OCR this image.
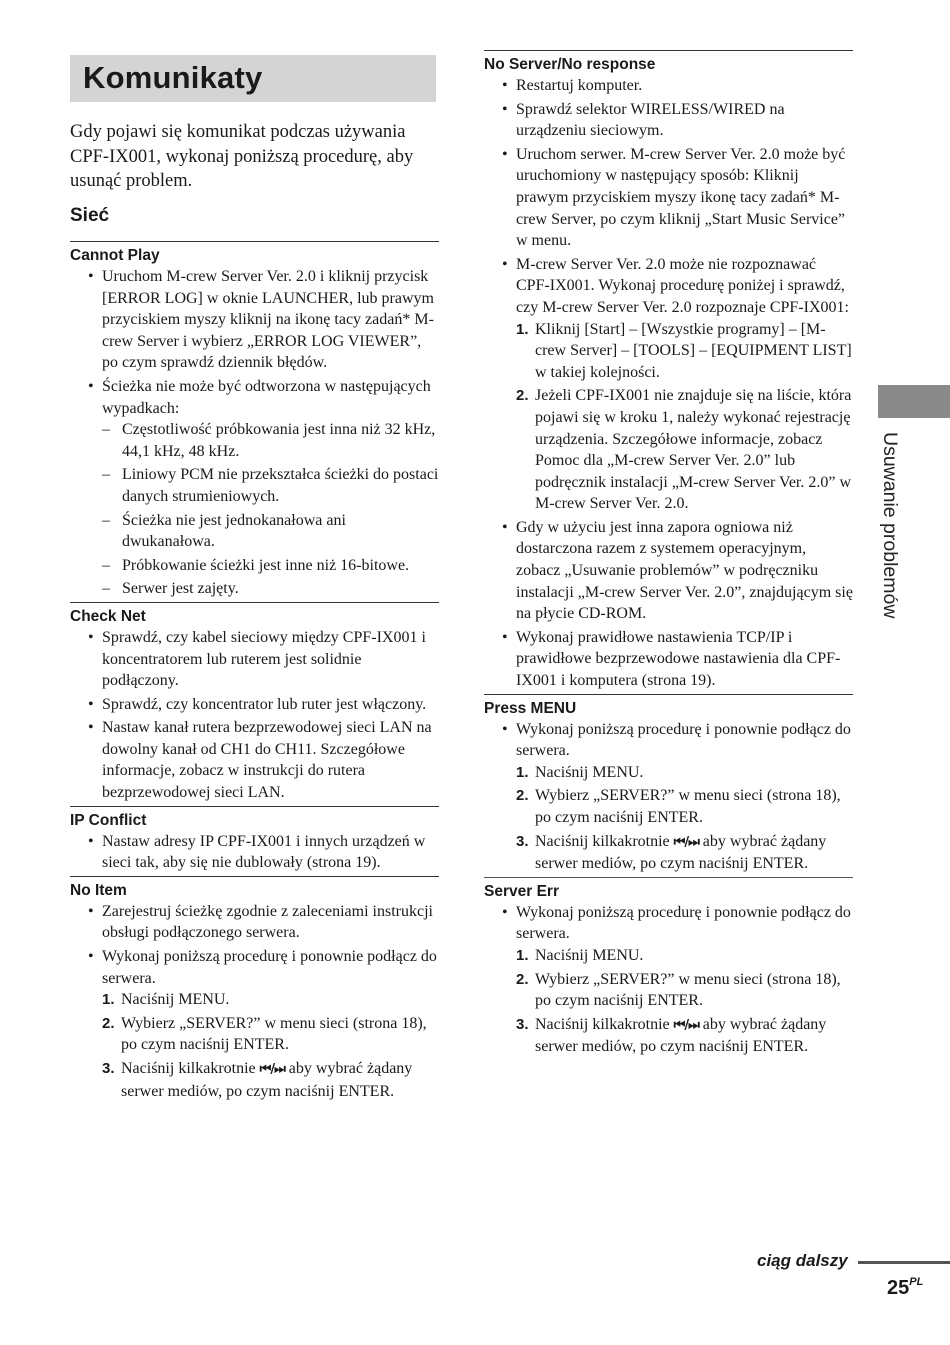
Komunikaty
Gdy pojawi się komunikat podczas używania CPF-IX001, wykonaj poniższą procedurę, aby usunąć problem.
Sieć
Cannot Play
• Uruchom M-crew Server Ver. 2.0 i kliknij przycisk [ERROR LOG] w oknie LAUNCHER, lub prawym przyciskiem myszy kliknij na ikonę tacy zadań* M-crew Server i wybierz „ERROR LOG VIEWER”, po czym sprawdź dziennik błędów.
• Ścieżka nie może być odtworzona w następujących wypadkach:
– Częstotliwość próbkowania jest inna niż 32 kHz, 44,1 kHz, 48 kHz.
– Liniowy PCM nie przekształca ścieżki do postaci danych strumieniowych.
– Ścieżka nie jest jednokanałowa ani dwukanałowa.
– Próbkowanie ścieżki jest inne niż 16-bitowe.
– Serwer jest zajęty.
Check Net
• Sprawdź, czy kabel sieciowy między CPF-IX001 i koncentratorem lub ruterem jest solidnie podłączony.
• Sprawdź, czy koncentrator lub ruter jest włączony.
• Nastaw kanał rutera bezprzewodowej sieci LAN na dowolny kanał od CH1 do CH11. Szczegółowe informacje, zobacz w instrukcji do rutera bezprzewodowej sieci LAN.
IP Conflict
• Nastaw adresy IP CPF-IX001 i innych urządzeń w sieci tak, aby się nie dublowały (strona 19).
No Item
• Zarejestruj ścieżkę zgodnie z zaleceniami instrukcji obsługi podłączonego serwera.
• Wykonaj poniższą procedurę i ponownie podłącz do serwera.
1. Naciśnij MENU.
2. Wybierz „SERVER?” w menu sieci (strona 18), po czym naciśnij ENTER.
3. Naciśnij kilkakrotnie ⏮/⏭ aby wybrać żądany serwer mediów, po czym naciśnij ENTER.
No Server/No response
• Restartuj komputer.
• Sprawdź selektor WIRELESS/WIRED na urządzeniu sieciowym.
• Uruchom serwer. M-crew Server Ver. 2.0 może być uruchomiony w następujący sposób: Kliknij prawym przyciskiem myszy ikonę tacy zadań* M-crew Server, po czym kliknij „Start Music Service” w menu.
• M-crew Server Ver. 2.0 może nie rozpoznawać CPF-IX001. Wykonaj procedurę poniżej i sprawdź, czy M-crew Server Ver. 2.0 rozpoznaje CPF-IX001:
1. Kliknij [Start] – [Wszystkie programy] – [M-crew Server] – [TOOLS] – [EQUIPMENT LIST] w takiej kolejności.
2. Jeżeli CPF-IX001 nie znajduje się na liście, która pojawi się w kroku 1, należy wykonać rejestrację urządzenia. Szczegółowe informacje, zobacz Pomoc dla „M-crew Server Ver. 2.0” lub podręcznik instalacji „M-crew Server Ver. 2.0” w M-crew Server Ver. 2.0.
• Gdy w użyciu jest inna zapora ogniowa niż dostarczona razem z systemem operacyjnym, zobacz „Usuwanie problemów” w podręczniku instalacji „M-crew Server Ver. 2.0”, znajdującym się na płycie CD-ROM.
• Wykonaj prawidłowe nastawienia TCP/IP i prawidłowe bezprzewodowe nastawienia dla CPF-IX001 i komputera (strona 19).
Press MENU
• Wykonaj poniższą procedurę i ponownie podłącz do serwera.
1. Naciśnij MENU.
2. Wybierz „SERVER?” w menu sieci (strona 18), po czym naciśnij ENTER.
3. Naciśnij kilkakrotnie ⏮/⏭ aby wybrać żądany serwer mediów, po czym naciśnij ENTER.
Server Err
• Wykonaj poniższą procedurę i ponownie podłącz do serwera.
1. Naciśnij MENU.
2. Wybierz „SERVER?” w menu sieci (strona 18), po czym naciśnij ENTER.
3. Naciśnij kilkakrotnie ⏮/⏭ aby wybrać żądany serwer mediów, po czym naciśnij ENTER.
Usuwanie problemów
ciąg dalszy
$25^{PL}$
